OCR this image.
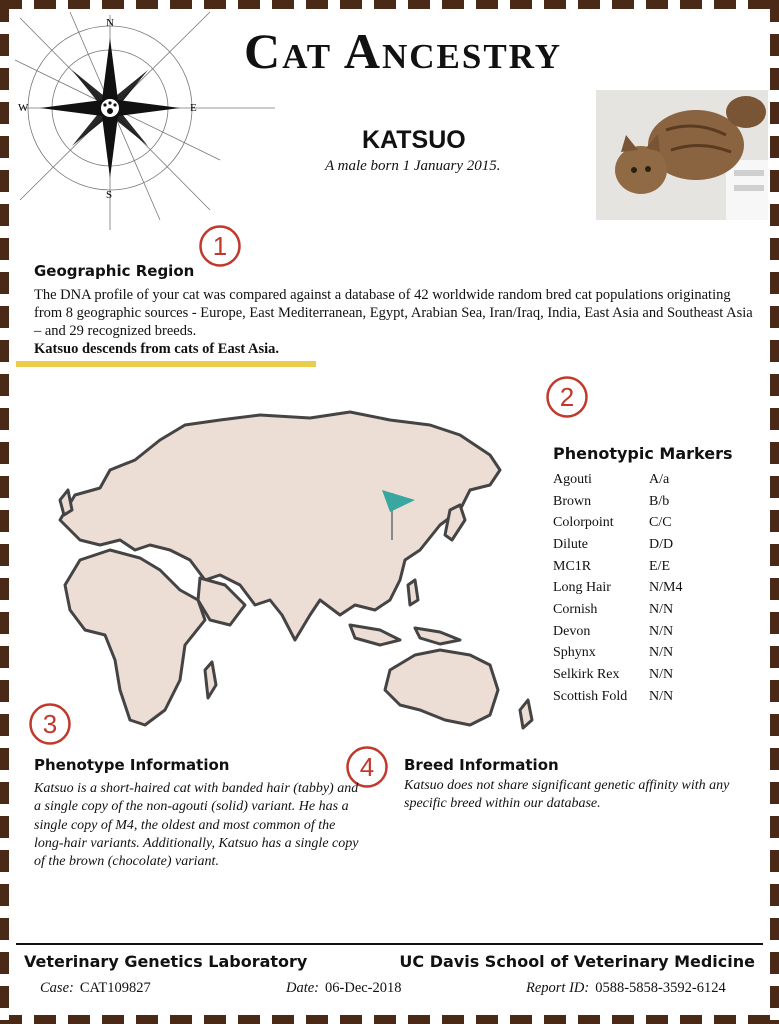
N
S
W	E
Cat Ancestry
KATSUO
A male born 1 January 2015.
1
2
3
4
Geographic Region
The DNA profile of your cat was compared against a database of 42 worldwide random bred cat populations originating from 8 geographic sources - Europe, East Mediterranean, Egypt, Arabian Sea, Iran/Iraq, India, East Asia and Southeast Asia – and 29 recognized breeds.
Katsuo descends from cats of East Asia.
Phenotypic Markers
Agouti	A/a
Brown	B/b
Colorpoint	C/C
Dilute	D/D
MC1R	E/E
Long Hair	N/M4
Cornish	N/N
Devon	N/N
Sphynx	N/N
Selkirk Rex	N/N
Scottish Fold	N/N
Phenotype Information
Katsuo is a short-haired cat with banded hair (tabby) and a single copy of the non-agouti (solid) variant. He has a single copy of M4, the oldest and most common of the long-hair variants. Additionally, Katsuo has a single copy of the brown (chocolate) variant.
Breed Information
Katsuo does not share significant genetic affinity with any specific breed within our database.
Veterinary Genetics Laboratory	UC Davis School of Veterinary Medicine
Case: CAT109827	Date: 06-Dec-2018	Report ID: 0588-5858-3592-6124
